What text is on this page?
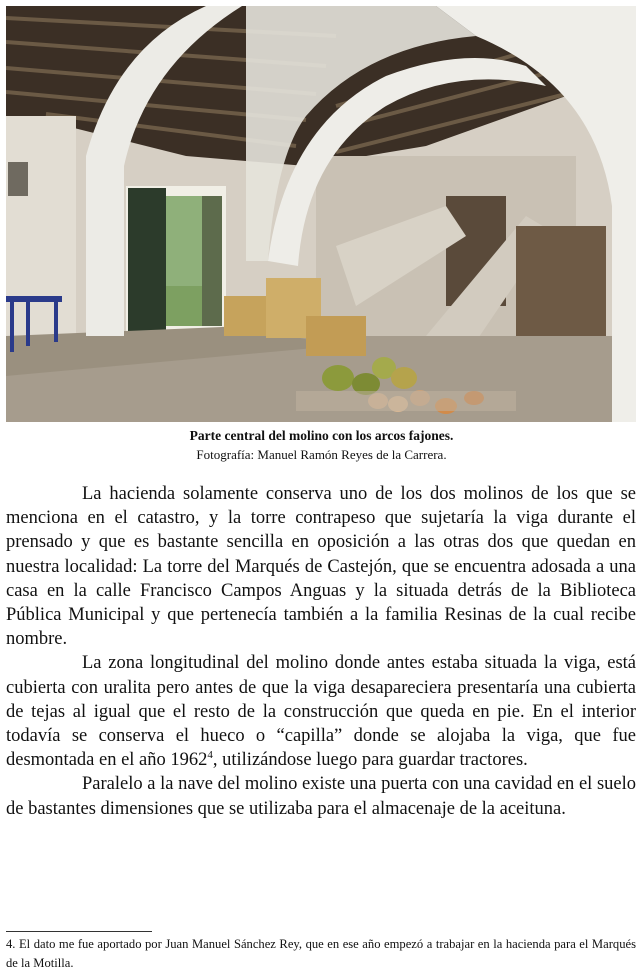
Parte central del molino con los arcos fajones.

Fotografía: Manuel Ramón Reyes de la Carrera.

La hacienda solamente conserva uno de los dos molinos de los que se menciona en el catastro, y la torre contrapeso que sujetaría la viga durante el prensado y que es bastante sencilla en oposición a las otras dos que quedan en nuestra localidad: La torre del Marqués de Castejón, que se encuentra adosada a una casa en la calle Francisco Campos Anguas y la situada detrás de la Biblioteca Pública Municipal y que pertenecía también a la familia Resinas de la cual recibe nombre.

La zona longitudinal del molino donde antes estaba situada la viga, está cubierta con uralita pero antes de que la viga desapareciera presentaría una cubierta de tejas al igual que el resto de la construcción que queda en pie. En el interior todavía se conserva el hueco o “capilla” donde se alojaba la viga, que fue desmontada en el año 1962$^4$, utilizándose luego para guardar tractores.

Paralelo a la nave del molino existe una puerta con una cavidad en el suelo de bastantes dimensiones que se utilizaba para el almacenaje de la aceituna.

4. El dato me fue aportado por Juan Manuel Sánchez Rey, que en ese año empezó a trabajar en la hacienda para el Marqués de la Motilla.
